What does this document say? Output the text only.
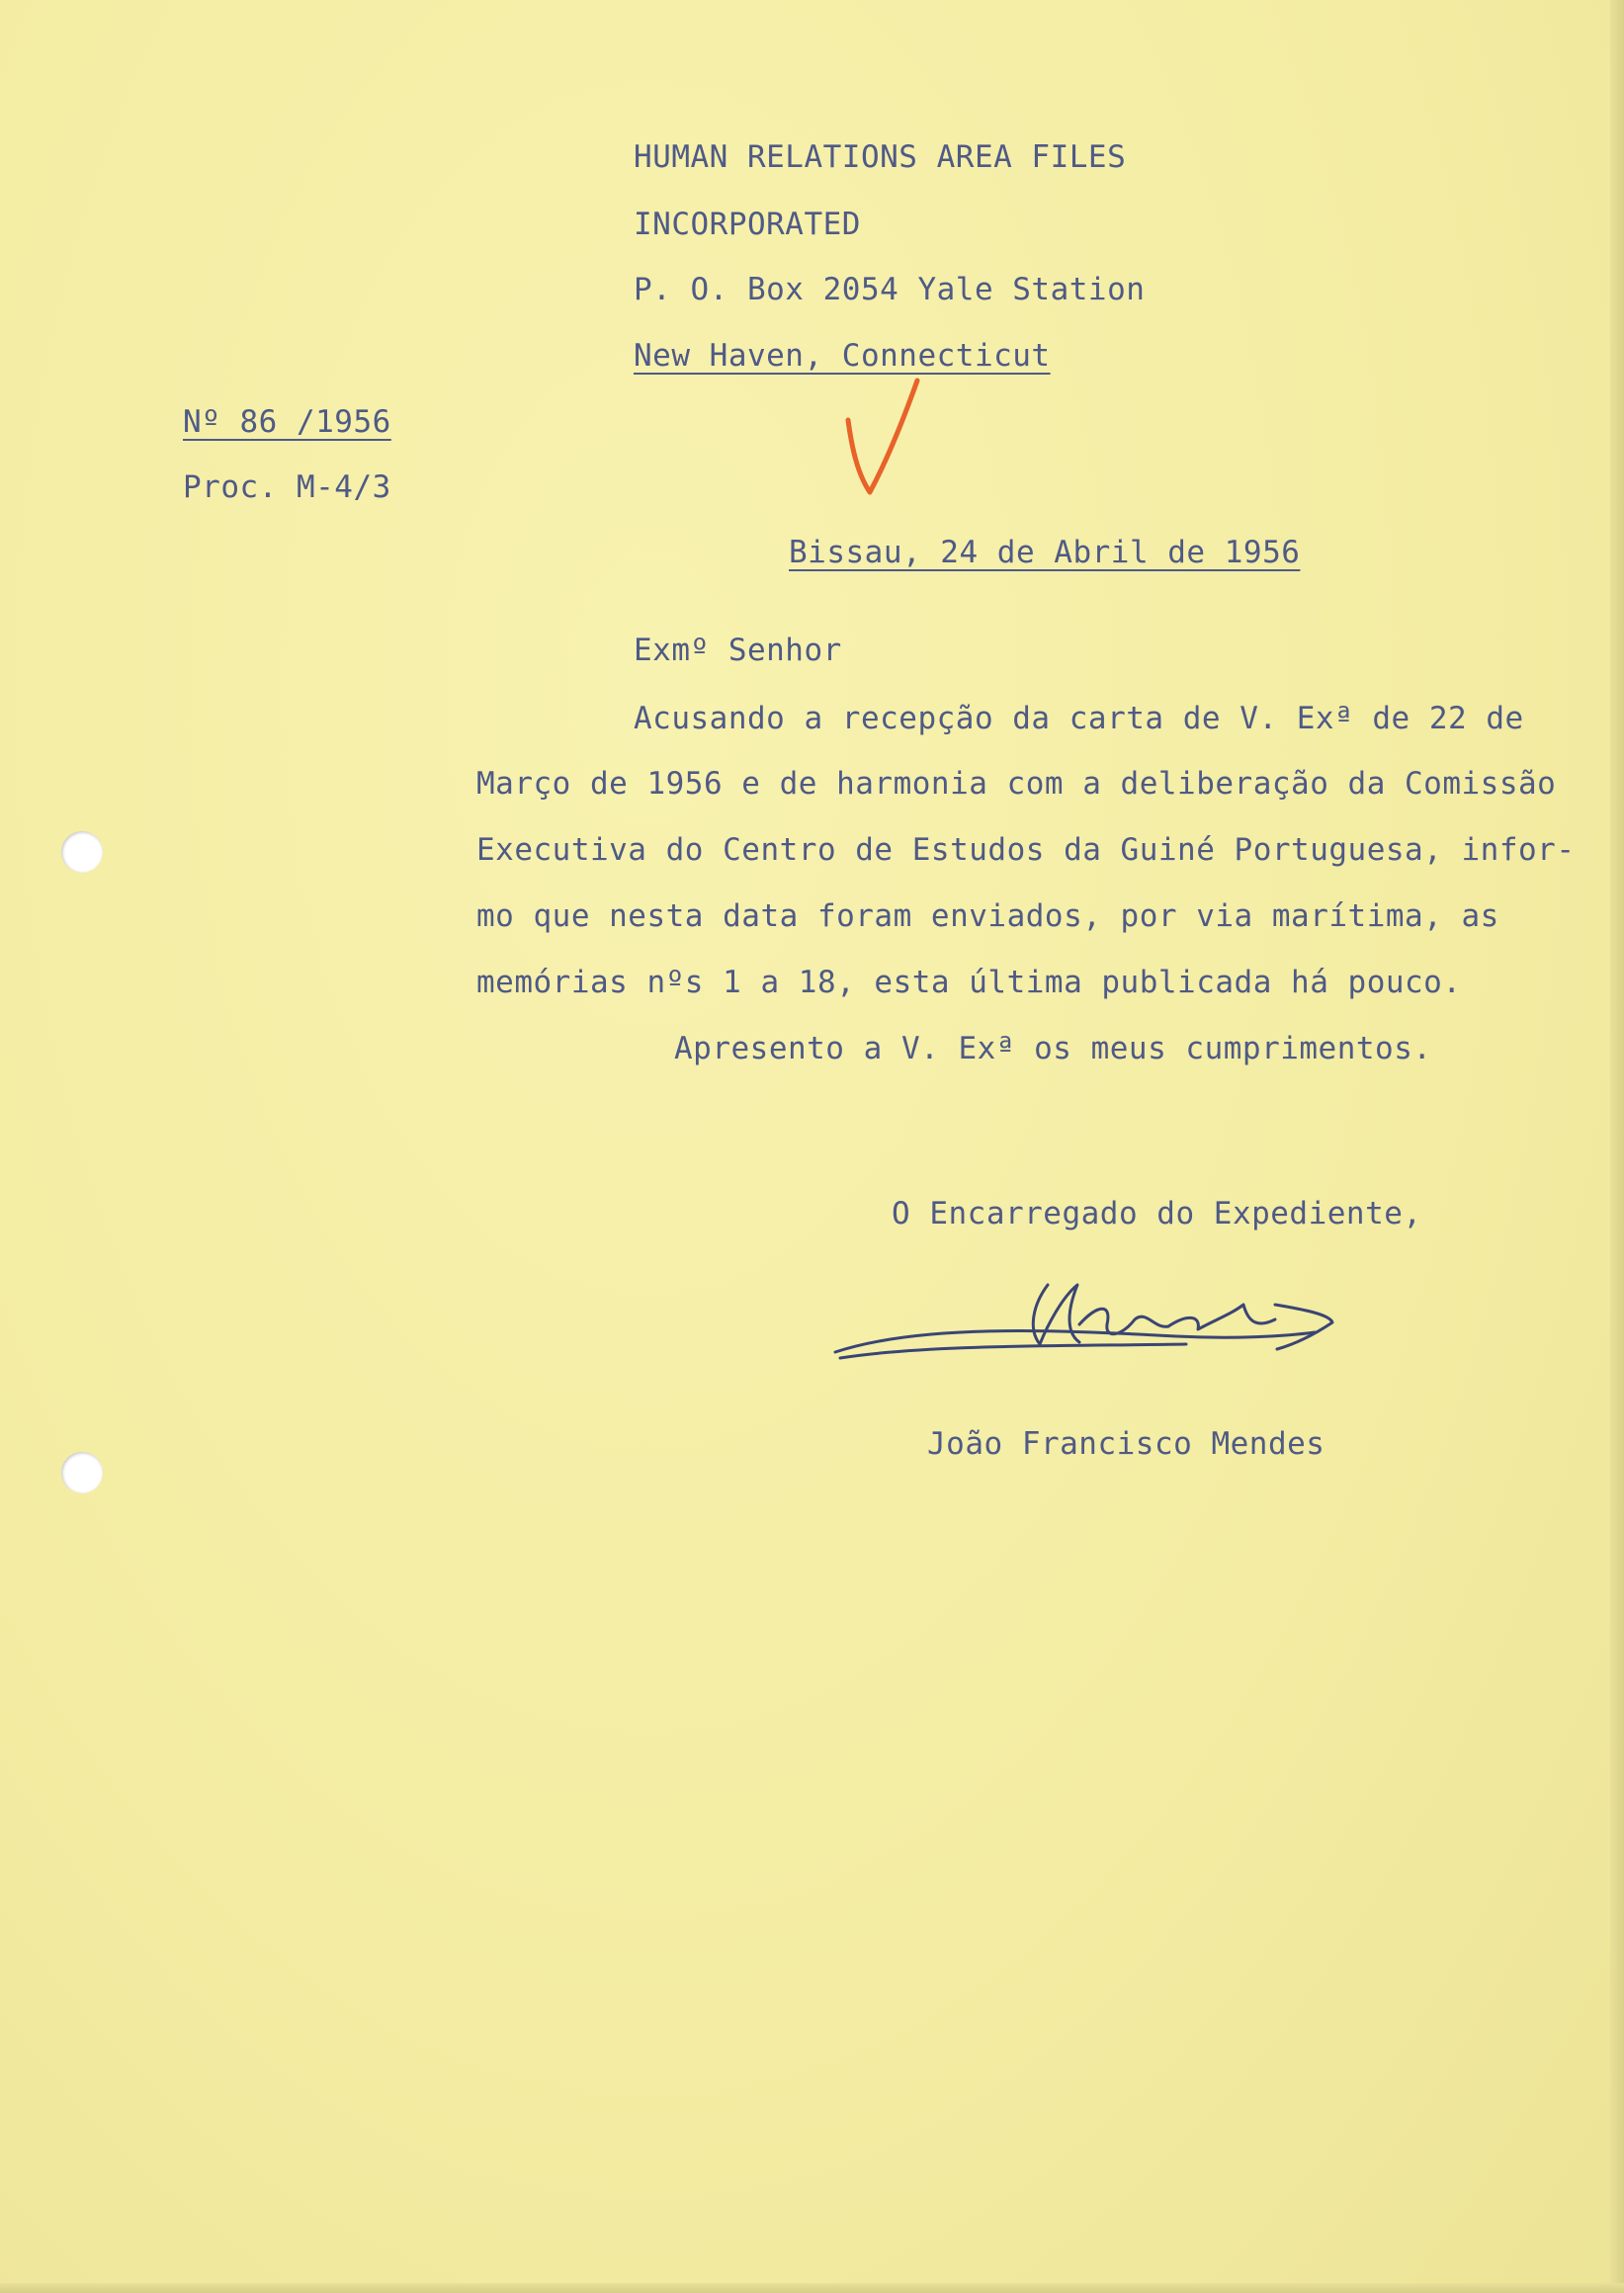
HUMAN RELATIONS AREA FILES
INCORPORATED
P. O. Box 2054 Yale Station
New Haven, Connecticut
Nº 86 /1956
Proc. M-4/3
Bissau, 24 de Abril de 1956
Exmº Senhor
Acusando a recepção da carta de V. Exª de 22 de
Março de 1956 e de harmonia com a deliberação da Comissão
Executiva do Centro de Estudos da Guiné Portuguesa, infor-
mo que nesta data foram enviados, por via marítima, as
memórias nºs 1 a 18, esta última publicada há pouco.
Apresento a V. Exª os meus cumprimentos.
O Encarregado do Expediente,
João Francisco Mendes
